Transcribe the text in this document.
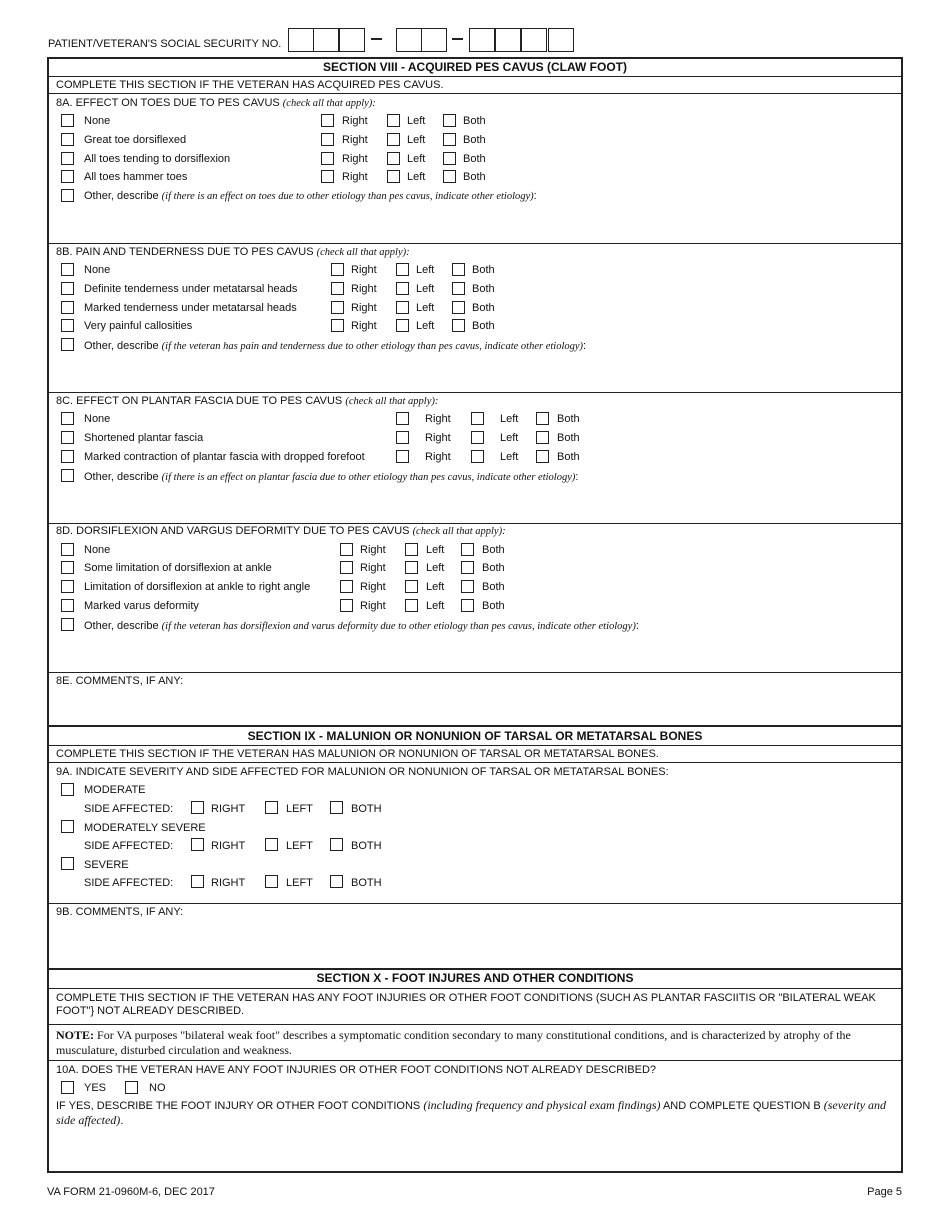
PATIENT/VETERAN'S SOCIAL SECURITY NO.
SECTION VIII - ACQUIRED PES CAVUS (CLAW FOOT)
COMPLETE THIS SECTION IF THE VETERAN HAS ACQUIRED PES CAVUS.
8A. EFFECT ON TOES DUE TO PES CAVUS (check all that apply):
None	Right	Left	Both
Great toe dorsiflexed	Right	Left	Both
All toes tending to dorsiflexion	Right	Left	Both
All toes hammer toes	Right	Left	Both
Other, describe (if there is an effect on toes due to other etiology than pes cavus, indicate other etiology):
8B. PAIN AND TENDERNESS DUE TO PES CAVUS (check all that apply):
None	Right	Left	Both
Definite tenderness under metatarsal heads	Right	Left	Both
Marked tenderness under metatarsal heads	Right	Left	Both
Very painful callosities	Right	Left	Both
Other, describe (if the veteran has pain and tenderness due to other etiology than pes cavus, indicate other etiology):
8C. EFFECT ON PLANTAR FASCIA DUE TO PES CAVUS (check all that apply):
None	Right	Left	Both
Shortened plantar fascia	Right	Left	Both
Marked contraction of plantar fascia with dropped forefoot	Right	Left	Both
Other, describe (if there is an effect on plantar fascia due to other etiology than pes cavus, indicate other etiology):
8D. DORSIFLEXION AND VARGUS DEFORMITY DUE TO PES CAVUS (check all that apply):
None	Right	Left	Both
Some limitation of dorsiflexion at ankle	Right	Left	Both
Limitation of dorsiflexion at ankle to right angle	Right	Left	Both
Marked varus deformity	Right	Left	Both
Other, describe (if the veteran has dorsiflexion and varus deformity due to other etiology than pes cavus, indicate other etiology):
8E. COMMENTS, IF ANY:
SECTION IX - MALUNION OR NONUNION OF TARSAL OR METATARSAL BONES
COMPLETE THIS SECTION IF THE VETERAN HAS MALUNION OR NONUNION OF TARSAL OR METATARSAL BONES.
9A. INDICATE SEVERITY AND SIDE AFFECTED FOR MALUNION OR NONUNION OF TARSAL OR METATARSAL BONES:
MODERATE
SIDE AFFECTED:	RIGHT	LEFT	BOTH
MODERATELY SEVERE
SIDE AFFECTED:	RIGHT	LEFT	BOTH
SEVERE
SIDE AFFECTED:	RIGHT	LEFT	BOTH
9B. COMMENTS, IF ANY:
SECTION X - FOOT INJURES AND OTHER CONDITIONS
COMPLETE THIS SECTION IF THE VETERAN HAS ANY FOOT INJURIES OR OTHER FOOT CONDITIONS (SUCH AS PLANTAR FASCIITIS OR "BILATERAL WEAK FOOT"} NOT ALREADY DESCRIBED.
NOTE: For VA purposes "bilateral weak foot" describes a symptomatic condition secondary to many constitutional conditions, and is characterized by atrophy of the musculature, disturbed circulation and weakness.
10A. DOES THE VETERAN HAVE ANY FOOT INJURIES OR OTHER FOOT CONDITIONS NOT ALREADY DESCRIBED?
YES	NO
IF YES, DESCRIBE THE FOOT INJURY OR OTHER FOOT CONDITIONS (including frequency and physical exam findings) AND COMPLETE QUESTION B (severity and side affected).
VA FORM 21-0960M-6, DEC 2017	Page 5
